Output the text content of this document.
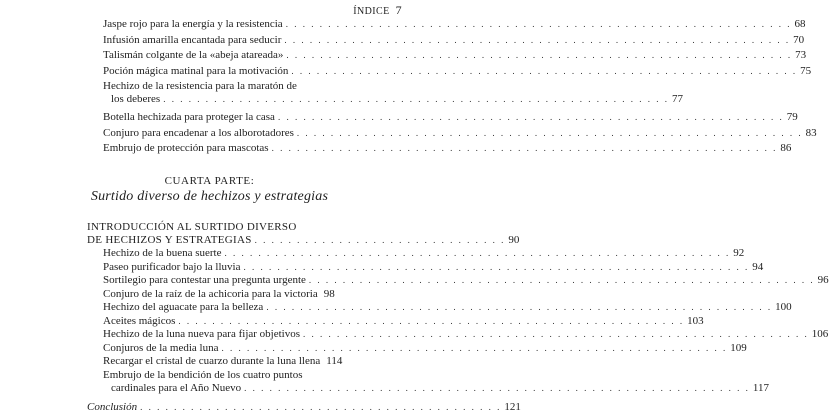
ÍNDICE 7
Jaspe rojo para la energía y la resistencia . . . . . . . . . . . . . . . . . . . . . . . . . . . . . . . . . . . . . . . . . . . . . . . . . . . . . . . . . . . . 68
Infusión amarilla encantada para seducir . . . . . . . . . . . . . . . . . . . . . . . . . . . . . . . . . . . . . . . . . . . . . . . . . . . . . . . . . . . . 70
Talismán colgante de la «abeja atareada» . . . . . . . . . . . . . . . . . . . . . . . . . . . . . . . . . . . . . . . . . . . . . . . . . . . . . . . . . . . . 73
Poción mágica matinal para la motivación . . . . . . . . . . . . . . . . . . . . . . . . . . . . . . . . . . . . . . . . . . . . . . . . . . . . . . . . . . . . 75
Hechizo de la resistencia para la maratón de
los deberes . . . . . . . . . . . . . . . . . . . . . . . . . . . . . . . . . . . . . . . . . . . . . . . . . . . . . . . . . . . . 77
Botella hechizada para proteger la casa . . . . . . . . . . . . . . . . . . . . . . . . . . . . . . . . . . . . . . . . . . . . . . . . . . . . . . . . . . . . 79
Conjuro para encadenar a los alborotadores . . . . . . . . . . . . . . . . . . . . . . . . . . . . . . . . . . . . . . . . . . . . . . . . . . . . . . . . . . . . 83
Embrujo de protección para mascotas . . . . . . . . . . . . . . . . . . . . . . . . . . . . . . . . . . . . . . . . . . . . . . . . . . . . . . . . . . . . 86
CUARTA PARTE:
Surtido diverso de hechizos y estrategias
INTRODUCCIÓN AL SURTIDO DIVERSO
DE HECHIZOS Y ESTRATEGIAS . . . . . . . . . . . . . . . . . . . . . . . . . . . . . . 90
Hechizo de la buena suerte . . . . . . . . . . . . . . . . . . . . . . . . . . . . . . . . . . . . . . . . . . . . . . . . . . . . . . . . . . . . 92
Paseo purificador bajo la lluvia . . . . . . . . . . . . . . . . . . . . . . . . . . . . . . . . . . . . . . . . . . . . . . . . . . . . . . . . . . . . 94
Sortilegio para contestar una pregunta urgente . . . . . . . . . . . . . . . . . . . . . . . . . . . . . . . . . . . . . . . . . . . . . . . . . . . . . . . . . . . . 96
Conjuro de la raíz de la achicoria para la victoria 98
Hechizo del aguacate para la belleza . . . . . . . . . . . . . . . . . . . . . . . . . . . . . . . . . . . . . . . . . . . . . . . . . . . . . . . . . . . . 100
Aceites mágicos . . . . . . . . . . . . . . . . . . . . . . . . . . . . . . . . . . . . . . . . . . . . . . . . . . . . . . . . . . . . 103
Hechizo de la luna nueva para fijar objetivos . . . . . . . . . . . . . . . . . . . . . . . . . . . . . . . . . . . . . . . . . . . . . . . . . . . . . . . . . . . . 106
Conjuros de la media luna . . . . . . . . . . . . . . . . . . . . . . . . . . . . . . . . . . . . . . . . . . . . . . . . . . . . . . . . . . . . 109
Recargar el cristal de cuarzo durante la luna llena 114
Embrujo de la bendición de los cuatro puntos
cardinales para el Año Nuevo . . . . . . . . . . . . . . . . . . . . . . . . . . . . . . . . . . . . . . . . . . . . . . . . . . . . . . . . . . . . 117
Conclusión . . . . . . . . . . . . . . . . . . . . . . . . . . . . . . . . . . . . . . . . . . . 121
